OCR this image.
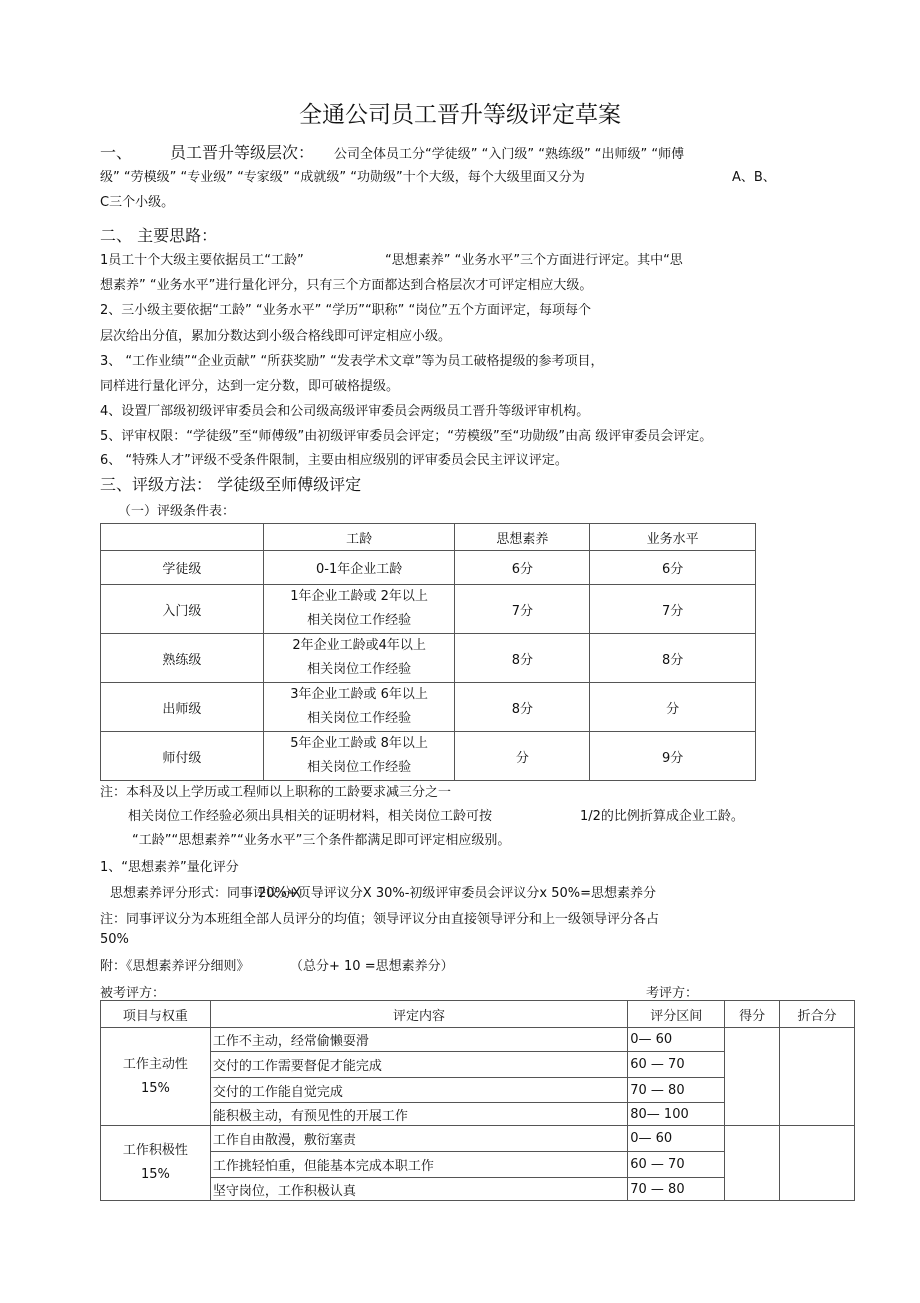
全通公司员工晋升等级评定草案
一、 员工晋升等级层次： 公司全体员工分“学徒级” “入门级” “熟练级” “出师级” “师傅
级” “劳模级” “专业级” “专家级” “成就级” “功勋级”十个大级，每个大级里面又分为	A、B、
C三个小级。
二、 主要思路：
1员工十个大级主要依据员工“工龄”	“思想素养” “业务水平”三个方面进行评定。其中“思
想素养” “业务水平”进行量化评分，只有三个方面都达到合格层次才可评定相应大级。
2、三小级主要依据“工龄” “业务水平” “学历”“职称” “岗位”五个方面评定，每项每个
层次给出分值，累加分数达到小级合格线即可评定相应小级。
3、 “工作业绩”“企业贡献” “所获奖励” “发表学术文章”等为员工破格提级的参考项目，
同样进行量化评分，达到一定分数，即可破格提级。
4、设置厂部级初级评审委员会和公司级高级评审委员会两级员工晋升等级评审机构。
5、评审权限：“学徒级”至“师傅级”由初级评审委员会评定；“劳模级”至“功勋级”由高 级评审委员会评定。
6、 “特殊人才”评级不受条件限制，主要由相应级别的评审委员会民主评议评定。
三、评级方法： 学徒级至师傅级评定
（一）评级条件表：
	工龄	思想素养	业务水平
学徒级	0-1年企业工龄	6分	6分
入门级	1年企业工龄或 2年以上
相关岗位工作经验	7分	7分
熟练级	2年企业工龄或4年以上
相关岗位工作经验	8分	8分
出师级	3年企业工龄或 6年以上
相关岗位工作经验	8分	分
师付级	5年企业工龄或 8年以上
相关岗位工作经验	分	9分
注：本科及以上学历或工程师以上职称的工龄要求减三分之一
相关岗位工作经验必须出具相关的证明材料，相关岗位工龄可按	1/2的比例折算成企业工龄。
“工龄”“思想素养”“业务水平”三个条件都满足即可评定相应级别。
1、“思想素养”量化评分
思想素养评分形式：同事评议分X
20%+页导评议分X 30%-初级评审委员会评议分x 50%=思想素养分
注：同事评议分为本班组全部人员评分的均值；领导评议分由直接领导评分和上一级领导评分各占
50%
附：《思想素养评分细则》	（总分+ 10 =思想素养分）
被考评方：	考评方：
项目与权重	评定内容	评分区间	得分	折合分

工作主动性
15%	工作不主动，经常偷懒耍滑	0— 60		
	交付的工作需要督促才能完成	60 — 70		
	交付的工作能自觉完成	70 — 80		
	能积极主动，有预见性的开展工作	80— 100		

工作积极性
15%	工作自由散漫，敷衍塞责	0— 60		
	工作挑轻怕重，但能基本完成本职工作	60 — 70		
	坚守岗位，工作积极认真	70 — 80		
